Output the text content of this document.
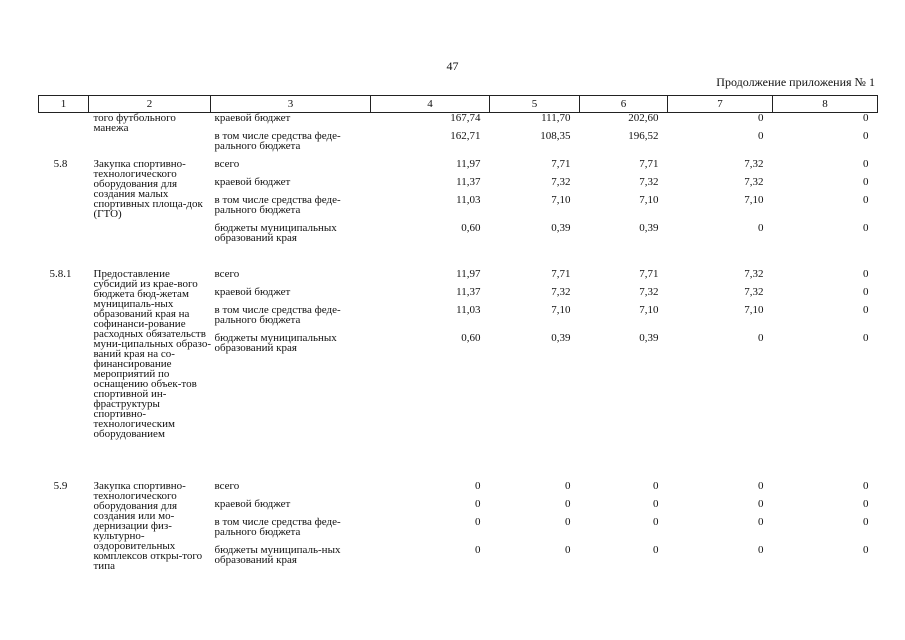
47
Продолжение приложения № 1
1	2	3	4	5	6	7	8

	того футбольного манежа	краевой бюджет	167,74	111,70	202,60	0	0
		в том числе средства феде- рального бюджета	162,71	108,35	196,52	0	0
5.8	Закупка спортивно-технологического оборудования для создания малых спортивных площа-док (ГТО)	всего	11,97	7,71	7,71	7,32	0
		краевой бюджет	11,37	7,32	7,32	7,32	0
		в том числе средства феде-рального бюджета	11,03	7,10	7,10	7,10	0
		бюджеты муниципальных образований края	0,60	0,39	0,39	0	0
5.8.1	Предоставление субсидий из крае-вого бюджета бюд-жетам муниципаль-ных образований края на софинанси-рование расходных обязательств муни-ципальных образо-ваний края на со-финансирование мероприятий по оснащению объек-тов спортивной ин-фраструктуры спортивно-технологическим оборудованием	всего	11,97	7,71	7,71	7,32	0
		краевой бюджет	11,37	7,32	7,32	7,32	0
		в том числе средства феде-рального бюджета	11,03	7,10	7,10	7,10	0
		бюджеты муниципальных образований края	0,60	0,39	0,39	0	0
5.9	Закупка спортивно-технологического оборудования для создания или мо-дернизации физ-культурно-оздоровительных комплексов откры-того типа	всего	0	0	0	0	0
		краевой бюджет	0	0	0	0	0
		в том числе средства феде-рального бюджета	0	0	0	0	0
		бюджеты муниципаль-ных образований края	0	0	0	0	0
